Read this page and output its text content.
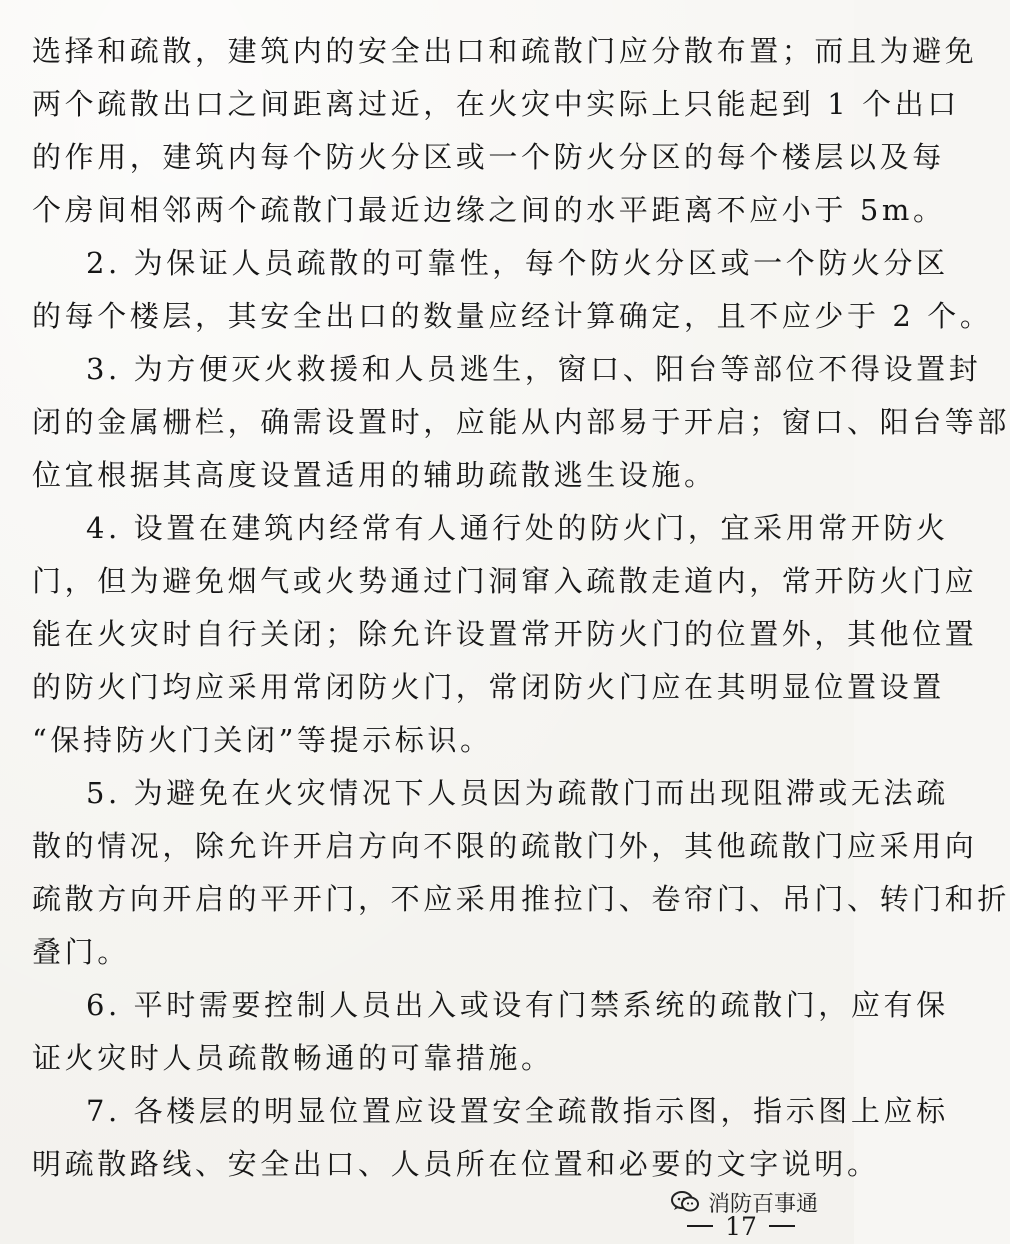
选择和疏散，建筑内的安全出口和疏散门应分散布置；而且为避免
两个疏散出口之间距离过近，在火灾中实际上只能起到 1 个出口
的作用，建筑内每个防火分区或一个防火分区的每个楼层以及每
个房间相邻两个疏散门最近边缘之间的水平距离不应小于 5m。
2. 为保证人员疏散的可靠性，每个防火分区或一个防火分区
的每个楼层，其安全出口的数量应经计算确定，且不应少于 2 个。
3. 为方便灭火救援和人员逃生，窗口、阳台等部位不得设置封
闭的金属栅栏，确需设置时，应能从内部易于开启；窗口、阳台等部
位宜根据其高度设置适用的辅助疏散逃生设施。
4. 设置在建筑内经常有人通行处的防火门，宜采用常开防火
门，但为避免烟气或火势通过门洞窜入疏散走道内，常开防火门应
能在火灾时自行关闭；除允许设置常开防火门的位置外，其他位置
的防火门均应采用常闭防火门，常闭防火门应在其明显位置设置
“保持防火门关闭”等提示标识。
5. 为避免在火灾情况下人员因为疏散门而出现阻滞或无法疏
散的情况，除允许开启方向不限的疏散门外，其他疏散门应采用向
疏散方向开启的平开门，不应采用推拉门、卷帘门、吊门、转门和折
叠门。
6. 平时需要控制人员出入或设有门禁系统的疏散门，应有保
证火灾时人员疏散畅通的可靠措施。
7. 各楼层的明显位置应设置安全疏散指示图，指示图上应标
明疏散路线、安全出口、人员所在位置和必要的文字说明。
消防百事通
17
